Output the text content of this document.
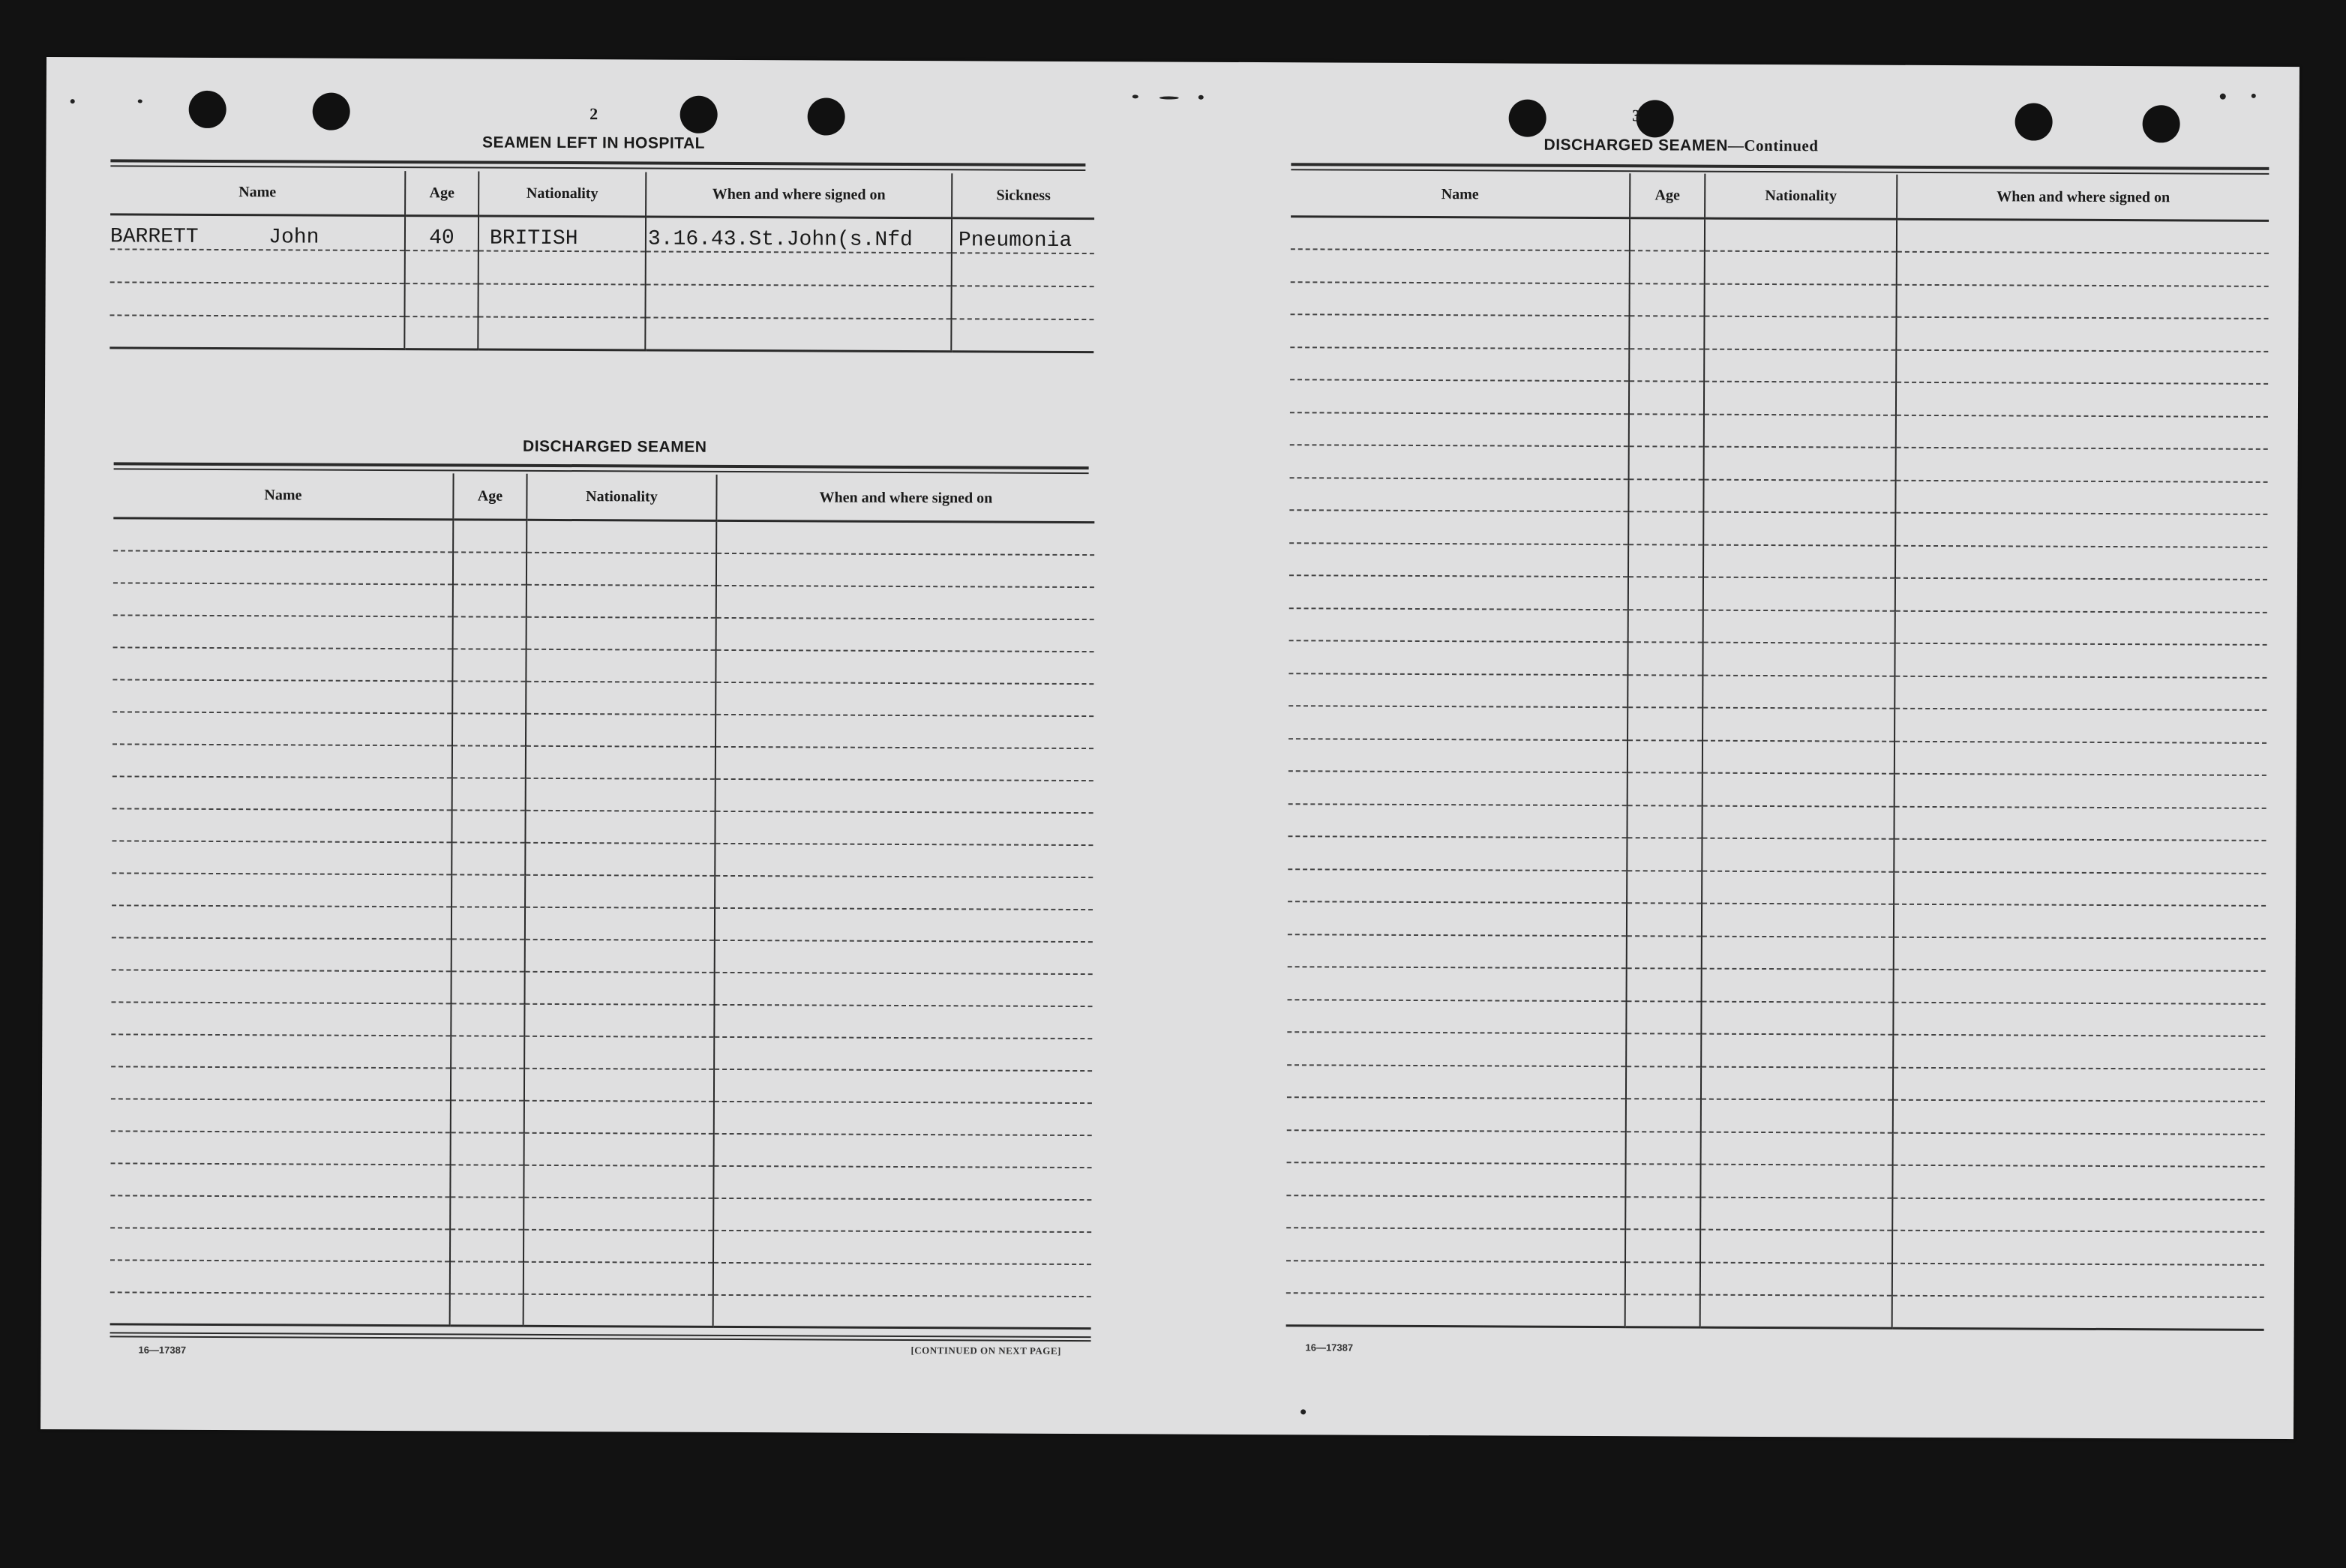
2
SEAMEN LEFT IN HOSPITAL
Name	Age	Nationality	When and where signed on	Sickness
BARRETT John	40	BRITISH	3.16.43.St.John(s.Nfd	Pneumonia

DISCHARGED SEAMEN
Name	Age	Nationality	When and where signed on

16—17387	[CONTINUED ON NEXT PAGE]
3
DISCHARGED SEAMEN—Continued
Name	Age	Nationality	When and where signed on

16—17387
